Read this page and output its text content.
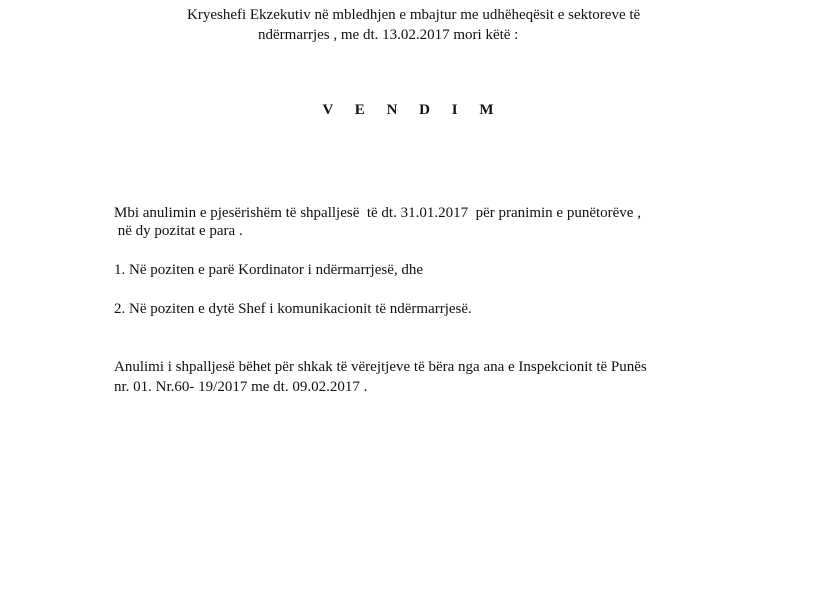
Kryeshefi Ekzekutiv në mbledhjen e mbajtur me udhëheqësit e sektoreve të

ndërmarrjes , me dt. 13.02.2017 mori këtë :

V E N D I M

Mbi anulimin e pjesërishëm të shpalljesë  të dt. 31.01.2017  për pranimin e punëtorëve ,

në dy pozitat e para .

1. Në poziten e parë Kordinator i ndërmarrjesë, dhe

2. Në poziten e dytë Shef i komunikacionit të ndërmarrjesë.

Anulimi i shpalljesë bëhet për shkak të vërejtjeve të bëra nga ana e Inspekcionit të Punës

nr. 01. Nr.60- 19/2017 me dt. 09.02.2017 .
